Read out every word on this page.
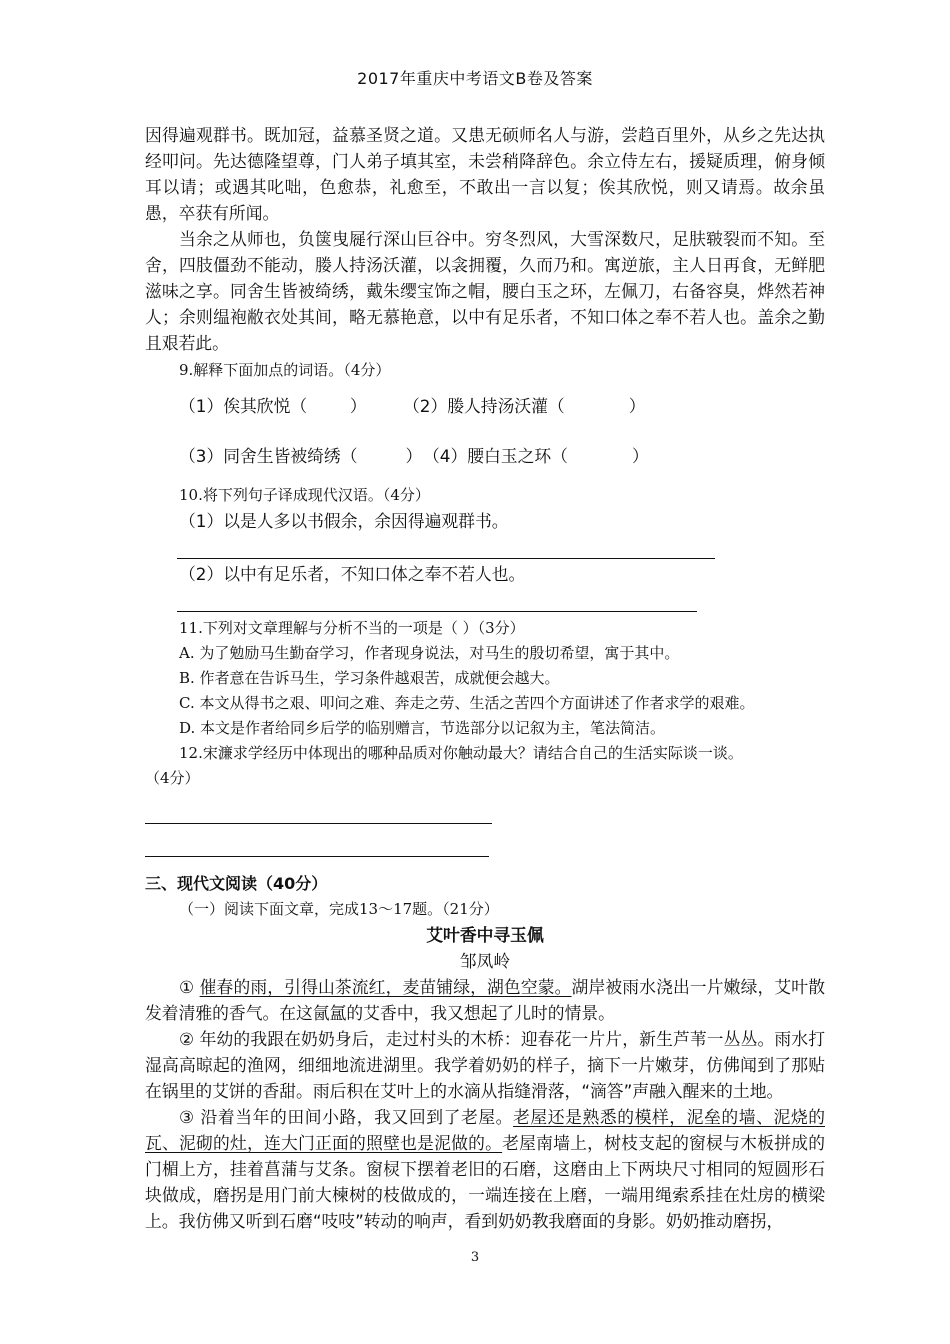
2017年重庆中考语文B卷及答案

因得遍观群书。既加冠，益慕圣贤之道。又患无硕师名人与游，尝趋百里外，从乡之先达执经叩问。先达德隆望尊，门人弟子填其室，未尝稍降辞色。余立侍左右，援疑质理，俯身倾耳以请；或遇其叱咄，色愈恭，礼愈至，不敢出一言以复；俟其欣悦，则又请焉。故余虽愚，卒获有所闻。

当余之从师也，负箧曳屣行深山巨谷中。穷冬烈风，大雪深数尺，足肤皲裂而不知。至舍，四肢僵劲不能动，媵人持汤沃灌，以衾拥覆，久而乃和。寓逆旅，主人日再食，无鲜肥滋味之享。同舍生皆被绮绣，戴朱缨宝饰之帽，腰白玉之环，左佩刀，右备容臭，烨然若神人；余则缊袍敝衣处其间，略无慕艳意，以中有足乐者，不知口体之奉不若人也。盖余之勤且艰若此。

9.解释下面加点的词语。（4分）

（1）俟其欣悦（        ）	（2）媵人持汤沃灌（            ）
（3）同舍生皆被绮绣（         ） （4）腰白玉之环（            ）

10.将下列句子译成现代汉语。（4分）

（1）以是人多以书假余，余因得遍观群书。

（2）以中有足乐者，不知口体之奉不若人也。

11.下列对文章理解与分析不当的一项是（ ）（3分）

A. 为了勉励马生勤奋学习，作者现身说法，对马生的殷切希望，寓于其中。

B. 作者意在告诉马生，学习条件越艰苦，成就便会越大。

C. 本文从得书之艰、叩问之难、奔走之劳、生活之苦四个方面讲述了作者求学的艰难。

D. 本文是作者给同乡后学的临别赠言，节选部分以记叙为主，笔法简洁。

12.宋濂求学经历中体现出的哪种品质对你触动最大？请结合自己的生活实际谈一谈。

（4分）

三、现代文阅读（40分）

（一）阅读下面文章，完成13～17题。（21分）

艾叶香中寻玉佩

邹凤岭

① 催春的雨，引得山茶流红，麦苗铺绿，湖色空蒙。湖岸被雨水浇出一片嫩绿，艾叶散发着清雅的香气。在这氤氲的艾香中，我又想起了儿时的情景。

② 年幼的我跟在奶奶身后，走过村头的木桥：迎春花一片片，新生芦苇一丛丛。雨水打湿高高晾起的渔网，细细地流进湖里。我学着奶奶的样子，摘下一片嫩芽，仿佛闻到了那贴在锅里的艾饼的香甜。雨后积在艾叶上的水滴从指缝滑落，“滴答”声融入醒来的土地。

③ 沿着当年的田间小路，我又回到了老屋。老屋还是熟悉的模样，泥垒的墙、泥烧的瓦、泥砌的灶，连大门正面的照壁也是泥做的。老屋南墙上，树枝支起的窗棂与木板拼成的门楣上方，挂着菖蒲与艾条。窗棂下摆着老旧的石磨，这磨由上下两块尺寸相同的短圆形石块做成，磨拐是用门前大楝树的枝做成的，一端连接在上磨，一端用绳索系挂在灶房的横梁上。我仿佛又听到石磨“吱吱”转动的响声，看到奶奶教我磨面的身影。奶奶推动磨拐，

3
